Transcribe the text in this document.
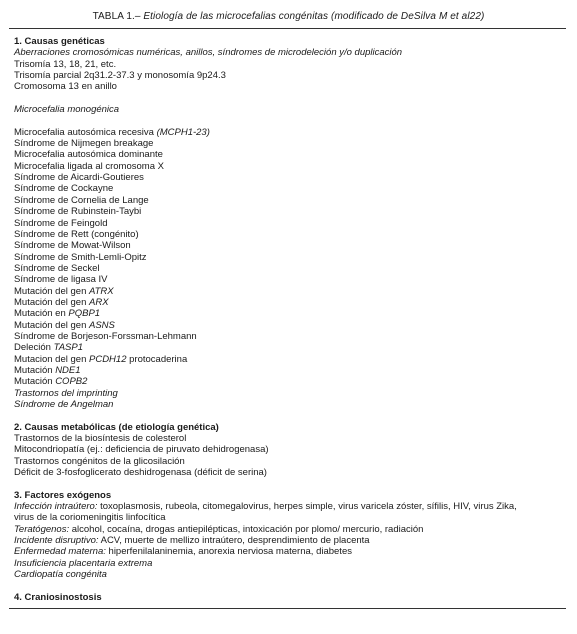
TABLA 1.– Etiología de las microcefalias congénitas (modificado de DeSilva M et al22)
1. Causas genéticas
Aberraciones cromosómicas numéricas, anillos, síndromes de microdeleción y/o duplicación
Trisomía 13, 18, 21, etc.
Trisomía parcial 2q31.2-37.3 y monosomía 9p24.3
Cromosoma 13 en anillo
Microcefalia monogénica
Microcefalia autosómica recesiva (MCPH1-23)
Síndrome de Nijmegen breakage
Microcefalia autosómica dominante
Microcefalia ligada al cromosoma X
Síndrome de Aicardi-Goutieres
Síndrome de Cockayne
Síndrome de Cornelia de Lange
Síndrome de Rubinstein-Taybi
Síndrome de Feingold
Síndrome de Rett (congénito)
Síndrome de Mowat-Wilson
Síndrome de Smith-Lemli-Opitz
Síndrome de Seckel
Síndrome de ligasa IV
Mutación del gen ATRX
Mutación del gen ARX
Mutación en PQBP1
Mutación del gen ASNS
Síndrome de Borjeson-Forssman-Lehmann
Deleción TASP1
Mutacion del gen PCDH12 protocaderina
Mutación NDE1
Mutación COPB2
Trastornos del imprinting
Síndrome de Angelman
2. Causas metabólicas (de etiología genética)
Trastornos de la biosíntesis de colesterol
Mitocondriopatía (ej.: deficiencia de piruvato dehidrogenasa)
Trastornos congénitos de la glicosilación
Déficit de 3-fosfoglicerato deshidrogenasa (déficit de serina)
3. Factores exógenos
Infección intraútero: toxoplasmosis, rubeola, citomegalovirus, herpes simple, virus varicela zóster, sífilis, HIV, virus Zika,
virus de la coriomeningitis linfocítica
Teratógenos: alcohol, cocaína, drogas antiepilépticas, intoxicación por plomo/ mercurio, radiación
Incidente disruptivo: ACV, muerte de mellizo intraútero, desprendimiento de placenta
Enfermedad materna: hiperfenilalaninemia, anorexia nerviosa materna, diabetes
Insuficiencia placentaria extrema
Cardiopatía congénita
4. Craniosinostosis
